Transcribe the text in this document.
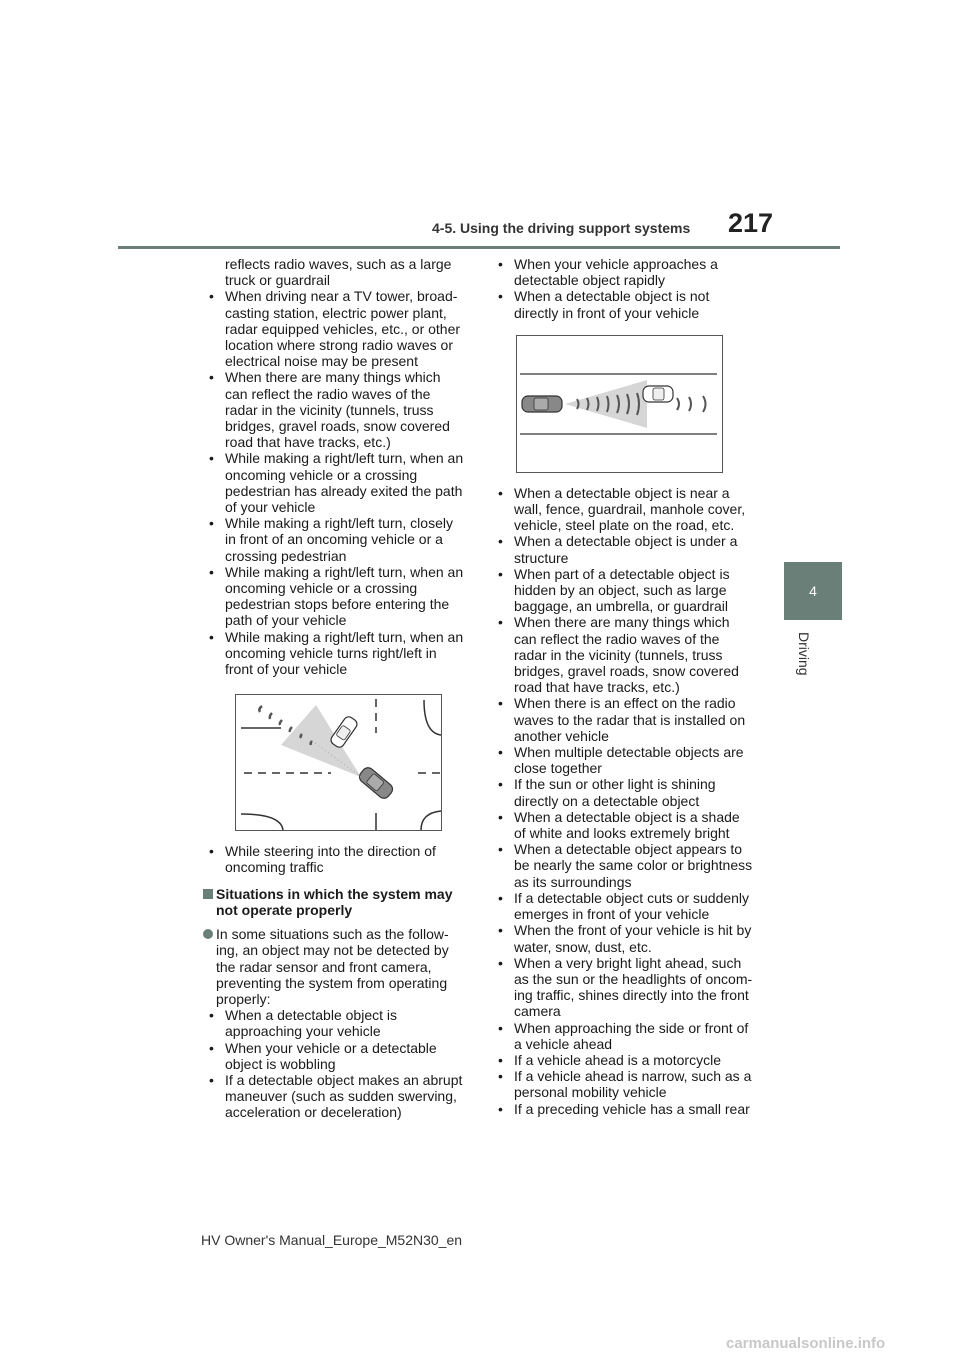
4-5. Using the driving support systems 217
4
Driving

reflects radio waves, such as a large truck or guardrail

• When driving near a TV tower, broad-casting station, electric power plant, radar equipped vehicles, etc., or other location where strong radio waves or electrical noise may be present
• When there are many things which can reflect the radio waves of the radar in the vicinity (tunnels, truss bridges, gravel roads, snow covered road that have tracks, etc.)
• While making a right/left turn, when an oncoming vehicle or a crossing pedestrian has already exited the path of your vehicle
• While making a right/left turn, closely in front of an oncoming vehicle or a crossing pedestrian
• While making a right/left turn, when an oncoming vehicle or a crossing pedestrian stops before entering the path of your vehicle
• While making a right/left turn, when an oncoming vehicle turns right/left in front of your vehicle
• While steering into the direction of oncoming traffic
Situations in which the system may not operate properly
In some situations such as the follow-ing, an object may not be detected by the radar sensor and front camera, preventing the system from operating properly:
• When a detectable object is approaching your vehicle
• When your vehicle or a detectable object is wobbling
• If a detectable object makes an abrupt maneuver (such as sudden swerving, acceleration or deceleration)
• When your vehicle approaches a detectable object rapidly
• When a detectable object is not directly in front of your vehicle
• When a detectable object is near a wall, fence, guardrail, manhole cover, vehicle, steel plate on the road, etc.
• When a detectable object is under a structure
• When part of a detectable object is hidden by an object, such as large baggage, an umbrella, or guardrail
• When there are many things which can reflect the radio waves of the radar in the vicinity (tunnels, truss bridges, gravel roads, snow covered road that have tracks, etc.)
• When there is an effect on the radio waves to the radar that is installed on another vehicle
• When multiple detectable objects are close together
• If the sun or other light is shining directly on a detectable object
• When a detectable object is a shade of white and looks extremely bright
• When a detectable object appears to be nearly the same color or brightness as its surroundings
• If a detectable object cuts or suddenly emerges in front of your vehicle
• When the front of your vehicle is hit by water, snow, dust, etc.
• When a very bright light ahead, such as the sun or the headlights of oncom-ing traffic, shines directly into the front camera
• When approaching the side or front of a vehicle ahead
• If a vehicle ahead is a motorcycle
• If a vehicle ahead is narrow, such as a personal mobility vehicle
• If a preceding vehicle has a small rear
HV Owner's Manual_Europe_M52N30_en
carmanualsonline.info
